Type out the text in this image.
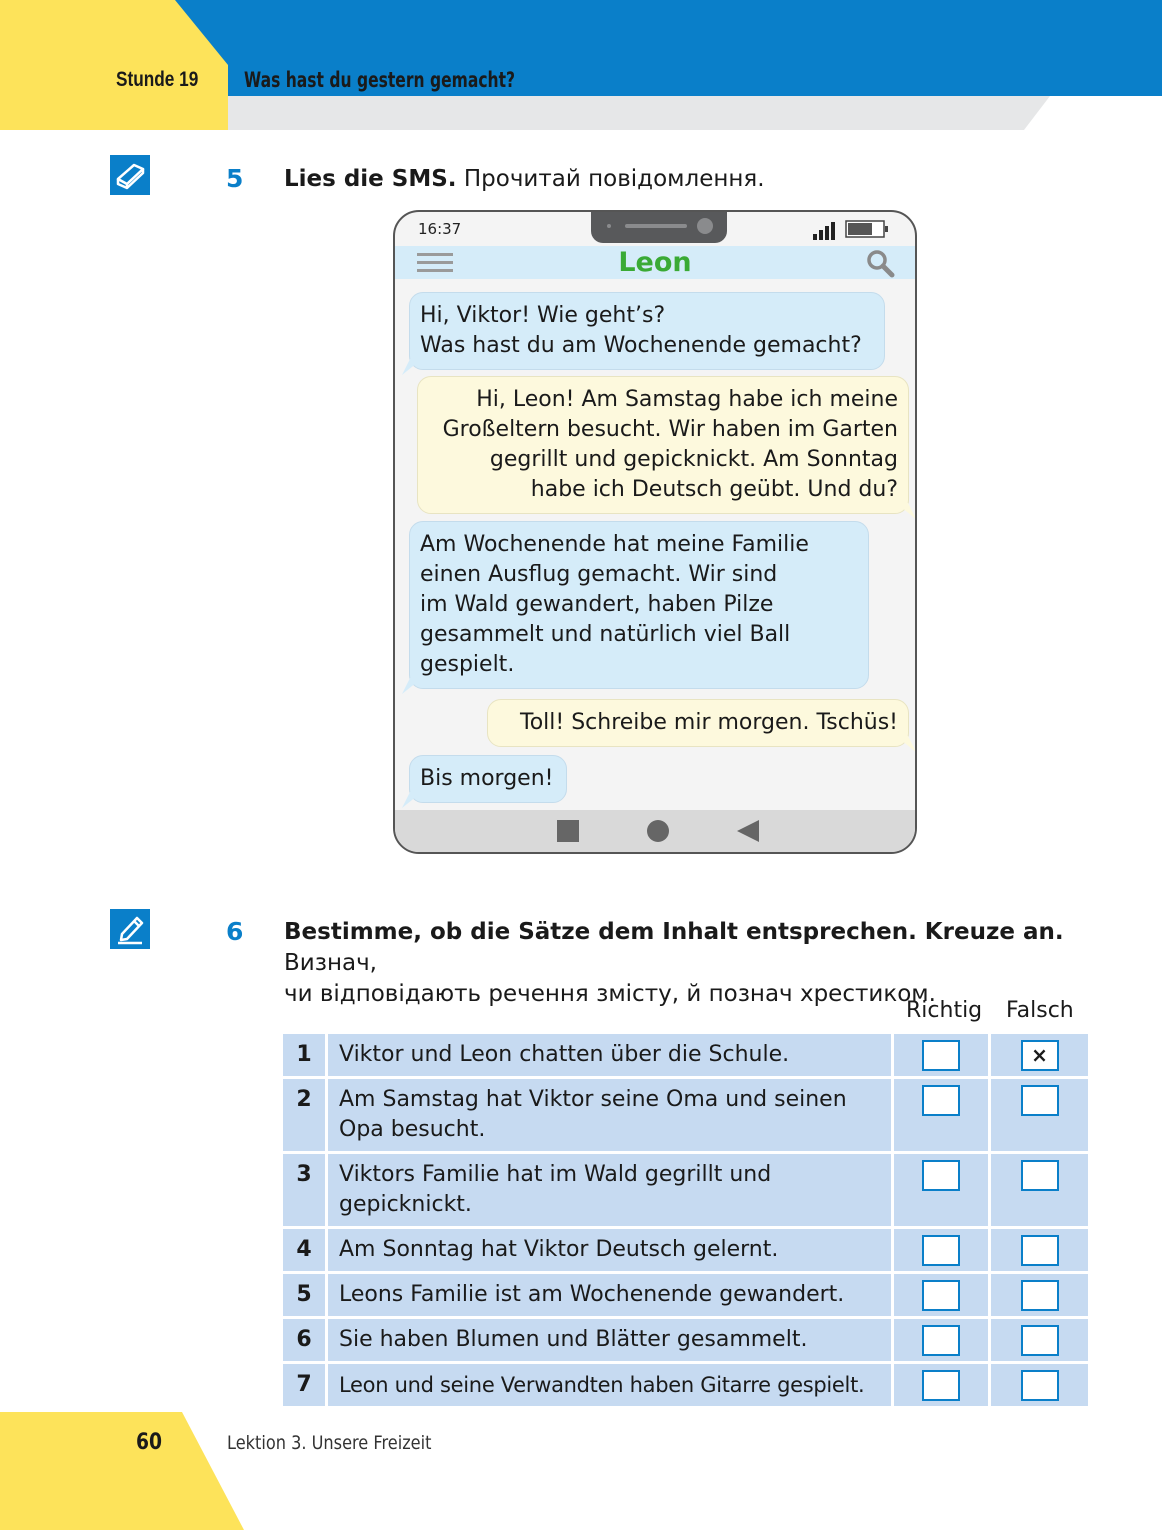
Stunde 19 Was hast du gestern gemacht?
5 Lies die SMS. Прочитай повідомлення.
16:37
Leon
Hi, Viktor! Wie geht’s?
Was hast du am Wochenende gemacht?
Hi, Leon! Am Samstag habe ich meine
Großeltern besucht. Wir haben im Garten
gegrillt und gepicknickt. Am Sonntag
habe ich Deutsch geübt. Und du?
Am Wochenende hat meine Familie
einen Ausflug gemacht. Wir sind
im Wald gewandert, haben Pilze
gesammelt und natürlich viel Ball
gespielt.
Toll! Schreibe mir morgen. Tschüs!
Bis morgen!
6 Bestimme, ob die Sätze dem Inhalt entsprechen. Kreuze an. Визнач,
чи відповідають речення змісту, й познач хрестиком.
Richtig Falsch
1	Viktor und Leon chatten über die Schule.		×
2	Am Samstag hat Viktor seine Oma und seinen
Opa besucht.		

3	Viktors Familie hat im Wald gegrillt und
gepicknickt.		

4	Am Sonntag hat Viktor Deutsch gelernt.		

5	Leons Familie ist am Wochenende gewandert.		

6	Sie haben Blumen und Blätter gesammelt.		

7	Leon und seine Verwandten haben Gitarre gespielt.		

60	Lektion 3. Unsere Freizeit
